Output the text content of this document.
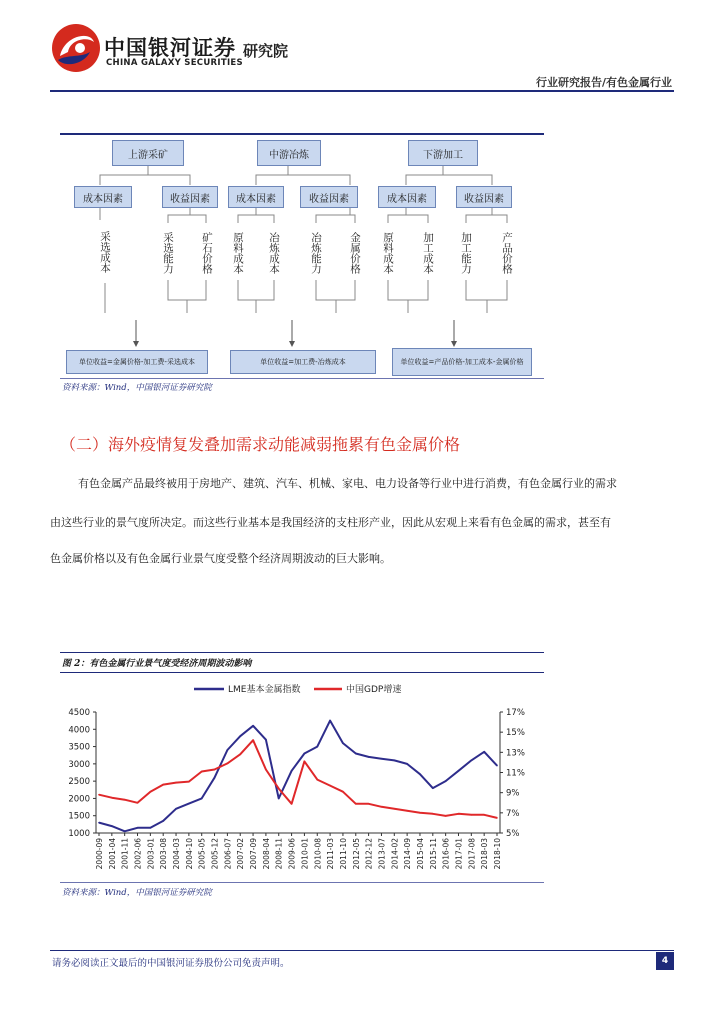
中国银河证券
CHINA GALAXY SECURITIES
研究院
行业研究报告/有色金属行业
上游采矿	中游冶炼	下游加工
成本因素	收益因素	成本因素	收益因素	成本因素	收益因素
采选成本	采选能力	矿石价格	原料成本	冶炼成本	冶炼能力	金属价格	原料成本	加工成本	加工能力	产品价格
单位收益=金属价格-加工费-采选成本	单位收益=加工费-冶炼成本	单位收益=产品价格-加工成本-金属价格
资料来源：Wind，中国银河证券研究院
（二）海外疫情复发叠加需求动能减弱拖累有色金属价格
有色金属产品最终被用于房地产、建筑、汽车、机械、家电、电力设备等行业中进行消费，有色金属行业的需求
由这些行业的景气度所决定。而这些行业基本是我国经济的支柱形产业，因此从宏观上来看有色金属的需求，甚至有
色金属价格以及有色金属行业景气度受整个经济周期波动的巨大影响。
图 2：有色金属行业景气度受经济周期波动影响
LME基本金属指数	中国GDP增速
1000
1500
2000
2500
3000
3500
4000
4500
5%
7%
9%
11%
13%
15%
17%
2000-09 2001-04 2001-11 2002-06 2003-01 2003-08 2004-03 2004-10 2005-05 2005-12 2006-07 2007-02 2007-09 2008-04 2008-11 2009-06 2010-01 2010-08 2011-03 2011-10 2012-05 2012-12 2013-07 2014-02 2014-09 2015-04 2015-11 2016-06 2017-01 2017-08 2018-03 2018-10
资料来源：Wind，中国银河证券研究院
请务必阅读正文最后的中国银河证券股份公司免责声明。	4
